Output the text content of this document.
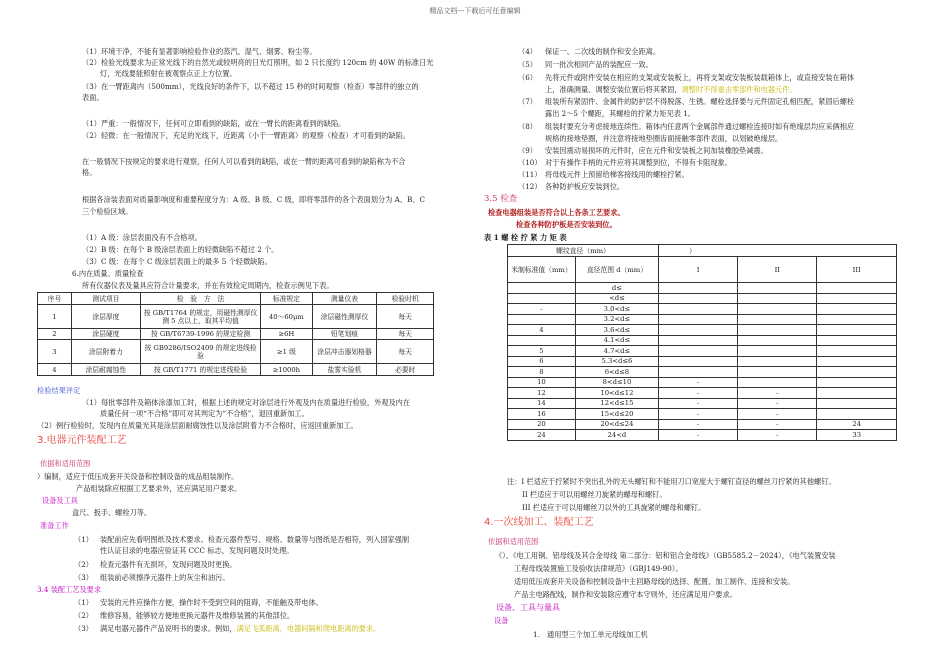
精品文档---下载后可任意编辑
（1）环境干净，不能有显著影响检验作业的蒸汽、湿气、烟雾、粉尘等。
（2）检验光线要求为正常光线下的自然光或较明亮的日光灯照明，如 2 只长度约 120cm 的 40W 的标准日光
灯，光线要能照射在被观察点正上方位置。
（3）在一臂距离内（500mm），光线良好的条件下，以不超过 15 秒的时间观察（检查）零部件的独立的
表面。
（1）严重：一般情况下，任何可立即看到的缺陷，或在一臂长的距离看到的缺陷。
（2）轻微：在一般情况下，充足的光线下，近距离（小于一臂距离）的观察（检查）才可看到的缺陷。
在一般情况下按规定的要求进行观察，任何人可以看到的缺陷，或在一臂的距离可看到的缺陷称为不合
格。
根据各涂装表面对质量影响度和重要程度分为：A 级、B 级、C 级，即将零部件的各个表面划分为 A、B、C
三个检验区域。
（1）A 级：涂层表面没有不合格项。
（2）B 级：在每个 B 级涂层表面上的轻微缺陷不超过 2 个。
（3）C 级：在每个 C 级涂层表面上的最多 5 个轻微缺陷。
6.内在质量、质量检查
所有仪器仪表及量具应符合计量要求，并在有效检定周期内，检查示例见下表。
序号	测试项目	检　验　方　法	标准规定	测量仪表	检验时机
1	涂层厚度	按 GB/T1764 的规定，用磁性测厚仪测 5 点以上，取其平均值	40～60μm	涂层磁性测厚仪	每天
2	涂层硬度	按 GB/T6739-1996 的规定检测	≥6H	铅笔划痕	每天
3	涂层附着力	按 GB9286/ISO2409 的规定进线检验	≥1 级	涂层冲击器划格器	每天
4	涂层耐腐蚀性	按 GB/T1771 的规定进线检验	≥1000h	盐雾实验机	必要时
检验结果评定
（1）每批零部件及箱体涂漆加工时，根据上述的规定对涂层进行外观及内在质量进行检验，外观及内在
质量任何一项“不合格”即可对其判定为“不合格”，退回重新加工。
（2）例行检验时，发现内在质量光其是涂层面耐腐蚀性以及涂层附着力不合格时，应返回重新加工。
3.电器元件装配工艺
依据和适用范围
）编制，适应于低压成套开关设备和控制设备的成品组装制作。
产品组装除应根据工艺要求外，还应满足用户要求。
设备及工具
盒尺、扳手、螺栓刀等。
准备工作
（1） 装配前应先看明图纸及技术要求。检查元器件型号、规格、数量等与图纸是否相符，列入国家强制
性认证目录的电器应验证其 CCC 标志，发现问题及时处理。
（2） 检查元器件有无损坏，发现问题及时更换。
（3） 组装前必须擦净元器件上的灰尘和油污。
3.4 装配工艺及要求
（1） 安装的元件应操作方便，操作时不受到空间的阻碍，不能触及带电体。
（2） 维修容易，能够较方便地更换元器件及维修装置的其他部位。
（3） 满足电器元器件产品说明书的要求。例如，满足飞弧距离，电器间隔和爬电距离的要求。
（4） 保证一、二次线的制作和安全距离。
（5） 同一批次相同产品的装配应一致。
（6） 先将元件或附件安装在相应的支架或安装板上，再将支架或安装板装载箱体上，或直接安装在箱体
上，准确测量、调整安装位置后将其紧固，调整时不得重击零部件和电器元件。
（7） 组装所有紧固件、金属件的防护层不得脱落、生锈。螺栓选择要与元件固定孔相匹配，紧固后螺栓
露出 2～5 个螺距，其螺栓的拧紧力矩见表 1。
（8） 组装时要充分考虑接地连续性。箱体内任意两个金属部件通过螺栓连接时如有绝缘层均应采俩相应
规格的接地垫圈，并注意将接地垫圈齿面接触零部件表面，以划破绝缘层。
（9） 安装因震动易损坏的元件时，应在元件和安装板之间加装橡胶垫减震。
（10） 对于有操作手柄的元件应将其调整到位，不得有卡阻现象。
（11） 将母线元件上预留给梯客接线用的螺栓拧紧。
（12） 各种防护板应安装到位。
3.5 检查
检查电器组装是否符合以上各条工艺要求。
检查各种防护板是否安装到位。
表 1 螺 栓 拧 紧 力 矩 表
螺纹直径（mm）		）		
米制标准值（mm）	直径范围 d（mm）	I	II	III
	d≤			
	<d≤			
-	3.0<d≤			
	3.2<d≤			
4	3.6<d≤			
	4.1<d≤			
5	4.7<d≤			
6	5.3<d≤6			
8	6<d≤8			
10	8<d≤10	-		
12	10<d≤12	-	-	
14	12<d≤15	-	-	
16	15<d≤20	-	-	
20	20<d≤24	-	-	24
24	24<d	-	-	33
注：I 栏适应于拧紧时不突出孔外的无头螺钉和不能用刀口宽度大于螺钉直径的螺丝刀拧紧的其他螺钉。
II 栏适应于可以用螺丝刀旋紧的螺母和螺钉。
III 栏适应于可以用螺丝刀以外的工具旋紧的螺母和螺钉。
4.一次线加工、装配工艺
依据和适用范围
《）、《电工用铜、铝母线及其合金母线 第二部分：铝和铝合金母线》（GB5585.2－2024），《电气装置安装
工程母线装置施工及验收法律规范》（GBJ149-90）。
适用低压成套开关设备和控制设备中主回路母线的选择、配置、加工制作、连接和安装。
产品主电路配线，制作和安装除应遵守本守则外，还应满足用户要求。
设备、工具与量具
设备
1.　通用型三个加工单元母线加工机
